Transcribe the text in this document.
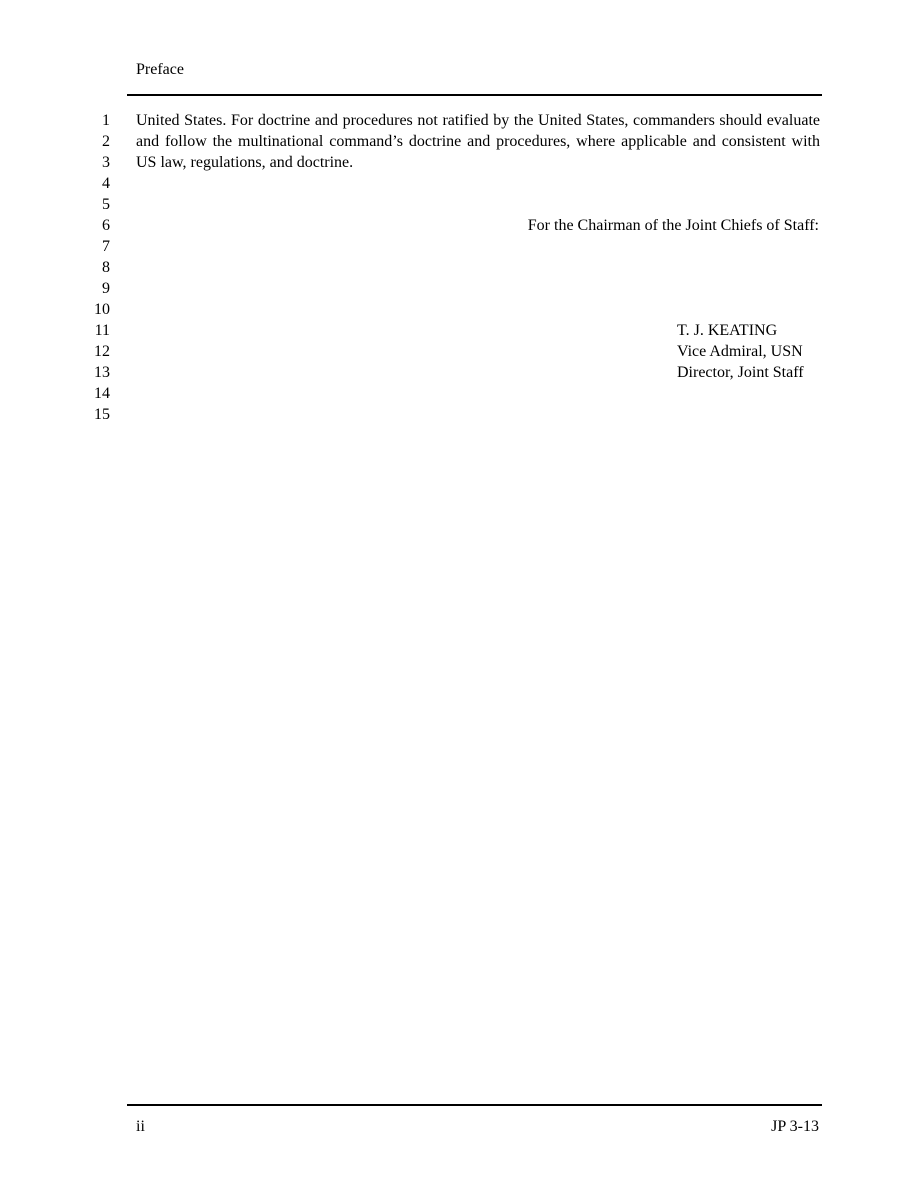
Preface
1
2
3
4
5
6
7
8
9
10
11
12
13
14
15

United States. For doctrine and procedures not ratified by the United States, commanders should evaluate and follow the multinational command’s doctrine and procedures, where applicable and consistent with US law, regulations, and doctrine.

For the Chairman of the Joint Chiefs of Staff:
T. J. KEATING
Vice Admiral, USN
Director, Joint Staff
ii	JP 3-13
